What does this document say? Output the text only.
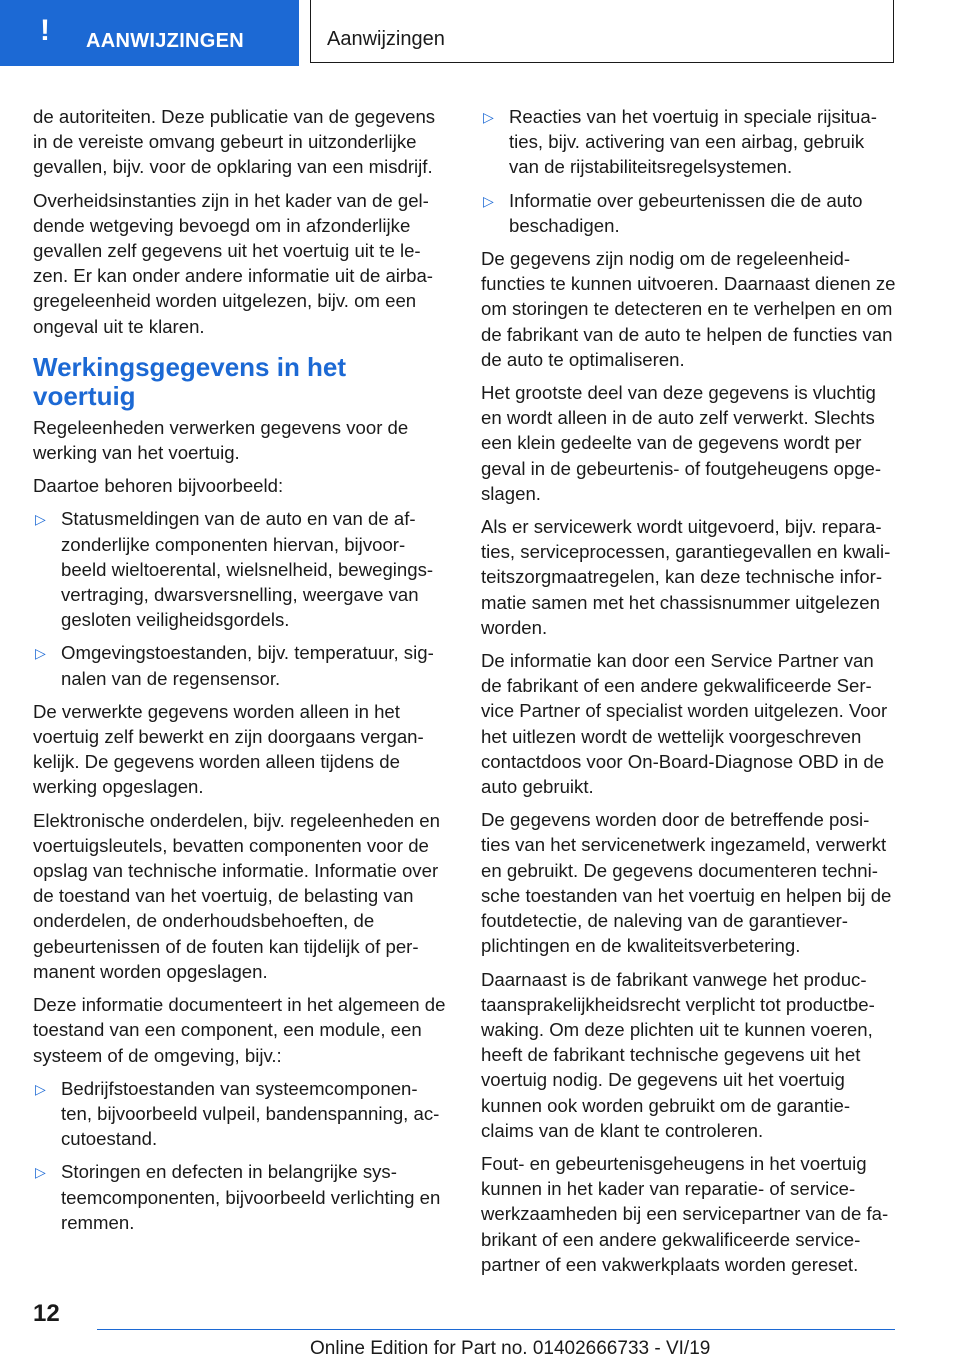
! AANWIJZINGEN	Aanwijzingen

de autoriteiten. Deze publicatie van de gegevens in de vereiste omvang gebeurt in uitzonderlijke gevallen, bijv. voor de opklaring van een misdrijf.

Overheidsinstanties zijn in het kader van de gel-dende wetgeving bevoegd om in afzonderlijke gevallen zelf gegevens uit het voertuig uit te le-zen. Er kan onder andere informatie uit de airba-gregeleenheid worden uitgelezen, bijv. om een ongeval uit te klaren.

Werkingsgegevens in het voertuig

Regeleenheden verwerken gegevens voor de werking van het voertuig.

Daartoe behoren bijvoorbeeld:

▷ Statusmeldingen van de auto en van de af-zonderlijke componenten hiervan, bijvoor-beeld wieltoerental, wielsnelheid, bewegings-vertraging, dwarsversnelling, weergave van gesloten veiligheidsgordels.
▷ Omgevingstoestanden, bijv. temperatuur, sig-nalen van de regensensor.

De verwerkte gegevens worden alleen in het voertuig zelf bewerkt en zijn doorgaans vergan-kelijk. De gegevens worden alleen tijdens de werking opgeslagen.

Elektronische onderdelen, bijv. regeleenheden en voertuigsleutels, bevatten componenten voor de opslag van technische informatie. Informatie over de toestand van het voertuig, de belasting van onderdelen, de onderhoudsbehoeften, de gebeurtenissen of de fouten kan tijdelijk of per-manent worden opgeslagen.

Deze informatie documenteert in het algemeen de toestand van een component, een module, een systeem of de omgeving, bijv.:

▷ Bedrijfstoestanden van systeemcomponen-ten, bijvoorbeeld vulpeil, bandenspanning, ac-cutoestand.
▷ Storingen en defecten in belangrijke sys-teemcomponenten, bijvoorbeeld verlichting en remmen.
▷ Reacties van het voertuig in speciale rijsitua-ties, bijv. activering van een airbag, gebruik van de rijstabiliteitsregelsystemen.
▷ Informatie over gebeurtenissen die de auto beschadigen.

De gegevens zijn nodig om de regeleenheid-functies te kunnen uitvoeren. Daarnaast dienen ze om storingen te detecteren en te verhelpen en om de fabrikant van de auto te helpen de functies van de auto te optimaliseren.

Het grootste deel van deze gegevens is vluchtig en wordt alleen in de auto zelf verwerkt. Slechts een klein gedeelte van de gegevens wordt per geval in de gebeurtenis- of foutgeheugens opge-slagen.

Als er servicewerk wordt uitgevoerd, bijv. repara-ties, serviceprocessen, garantiegevallen en kwali-teitszorgmaatregelen, kan deze technische infor-matie samen met het chassisnummer uitgelezen worden.

De informatie kan door een Service Partner van de fabrikant of een andere gekwalificeerde Ser-vice Partner of specialist worden uitgelezen. Voor het uitlezen wordt de wettelijk voorgeschreven contactdoos voor On-Board-Diagnose OBD in de auto gebruikt.

De gegevens worden door de betreffende posi-ties van het servicenetwerk ingezameld, verwerkt en gebruikt. De gegevens documenteren techni-sche toestanden van het voertuig en helpen bij de foutdetectie, de naleving van de garantiever-plichtingen en de kwaliteitsverbetering.

Daarnaast is de fabrikant vanwege het produc-taansprakelijkheidsrecht verplicht tot productbe-waking. Om deze plichten uit te kunnen voeren, heeft de fabrikant technische gegevens uit het voertuig nodig. De gegevens uit het voertuig kunnen ook worden gebruikt om de garantie-claims van de klant te controleren.

Fout- en gebeurtenisgeheugens in het voertuig kunnen in het kader van reparatie- of service-werkzaamheden bij een servicepartner van de fa-brikant of een andere gekwalificeerde service-partner of een vakwerkplaats worden gereset.

12
Online Edition for Part no. 01402666733 - VI/19
